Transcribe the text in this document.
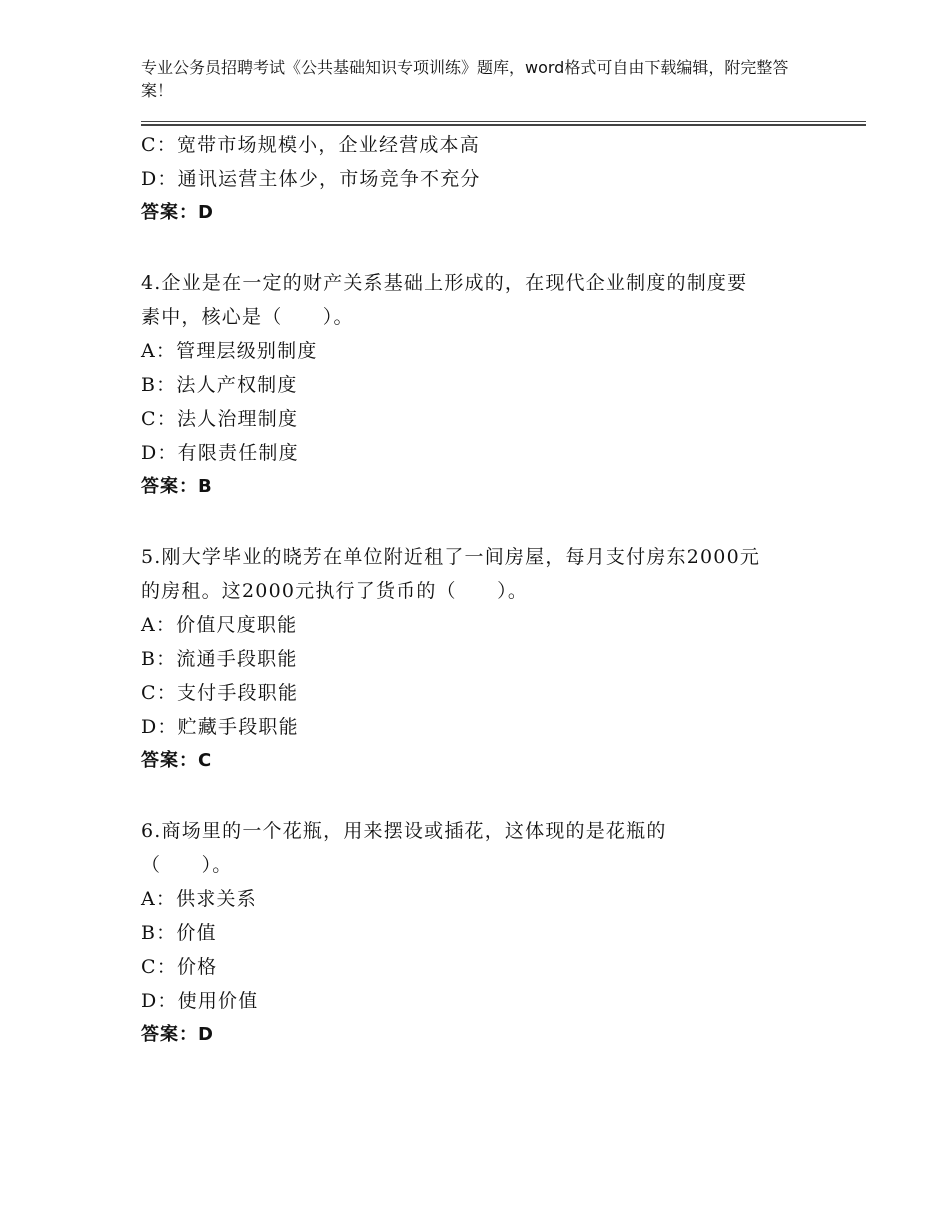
专业公务员招聘考试《公共基础知识专项训练》题库，word格式可自由下载编辑，附完整答案！
C：宽带市场规模小，企业经营成本高
D：通讯运营主体少，市场竞争不充分
答案：D
4.企业是在一定的财产关系基础上形成的，在现代企业制度的制度要
素中，核心是（　　）。
A：管理层级别制度
B：法人产权制度
C：法人治理制度
D：有限责任制度
答案：B
5.刚大学毕业的晓芳在单位附近租了一间房屋，每月支付房东2000元
的房租。这2000元执行了货币的（　　）。
A：价值尺度职能
B：流通手段职能
C：支付手段职能
D：贮藏手段职能
答案：C
6.商场里的一个花瓶，用来摆设或插花，这体现的是花瓶的
（　　）。
A：供求关系
B：价值
C：价格
D：使用价值
答案：D
